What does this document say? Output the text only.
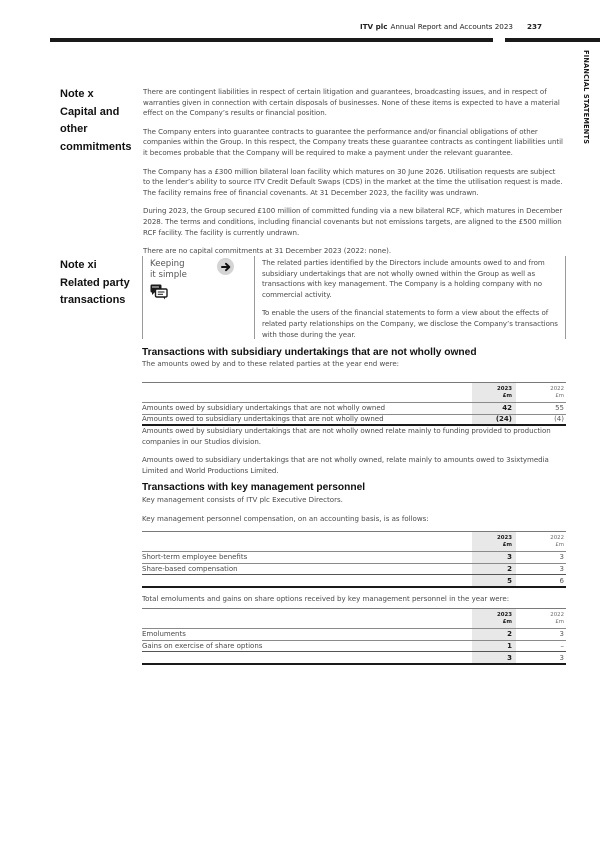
ITV plc Annual Report and Accounts 2023 237
FINANCIAL STATEMENTS
Note x
Capital and
other
commitments

There are contingent liabilities in respect of certain litigation and guarantees, broadcasting issues, and in respect of warranties given in connection with certain disposals of businesses. None of these items is expected to have a material effect on the Company’s results or financial position.

The Company enters into guarantee contracts to guarantee the performance and/or financial obligations of other companies within the Group. In this respect, the Company treats these guarantee contracts as contingent liabilities until it becomes probable that the Company will be required to make a payment under the relevant guarantee.

The Company has a £300 million bilateral loan facility which matures on 30 June 2026. Utilisation requests are subject to the lender’s ability to source ITV Credit Default Swaps (CDS) in the market at the time the utilisation request is made. The facility remains free of financial covenants. At 31 December 2023, the facility was undrawn.

During 2023, the Group secured £100 million of committed funding via a new bilateral RCF, which matures in December 2028. The terms and conditions, including financial covenants but not emissions targets, are aligned to the £500 million RCF facility. The facility is currently undrawn.

There are no capital commitments at 31 December 2023 (2022: none).

Note xi
Related party
transactions
Keeping
it simple

The related parties identified by the Directors include amounts owed to and from subsidiary undertakings that are not wholly owned within the Group as well as transactions with key management. The Company is a holding company with no commercial activity.

To enable the users of the financial statements to form a view about the effects of related party relationships on the Company, we disclose the Company’s transactions with those during the year.

Transactions with subsidiary undertakings that are not wholly owned
The amounts owed by and to these related parties at the year end were:
2023
£m
2022
£m
Amounts owed by subsidiary undertakings that are not wholly owned	42	55
Amounts owed to subsidiary undertakings that are not wholly owned	(24)	(4)

Amounts owed by subsidiary undertakings that are not wholly owned relate mainly to funding provided to production companies in our Studios division.

Amounts owed to subsidiary undertakings that are not wholly owned, relate mainly to amounts owed to 3sixtymedia Limited and World Productions Limited.

Transactions with key management personnel
Key management consists of ITV plc Executive Directors.
Key management personnel compensation, on an accounting basis, is as follows:
2023
£m
2022
£m
Short-term employee benefits	3	3
Share-based compensation	2	3
5	6
Total emoluments and gains on share options received by key management personnel in the year were:
2023
£m
2022
£m
Emoluments	2	3
Gains on exercise of share options	1	–
3	3
